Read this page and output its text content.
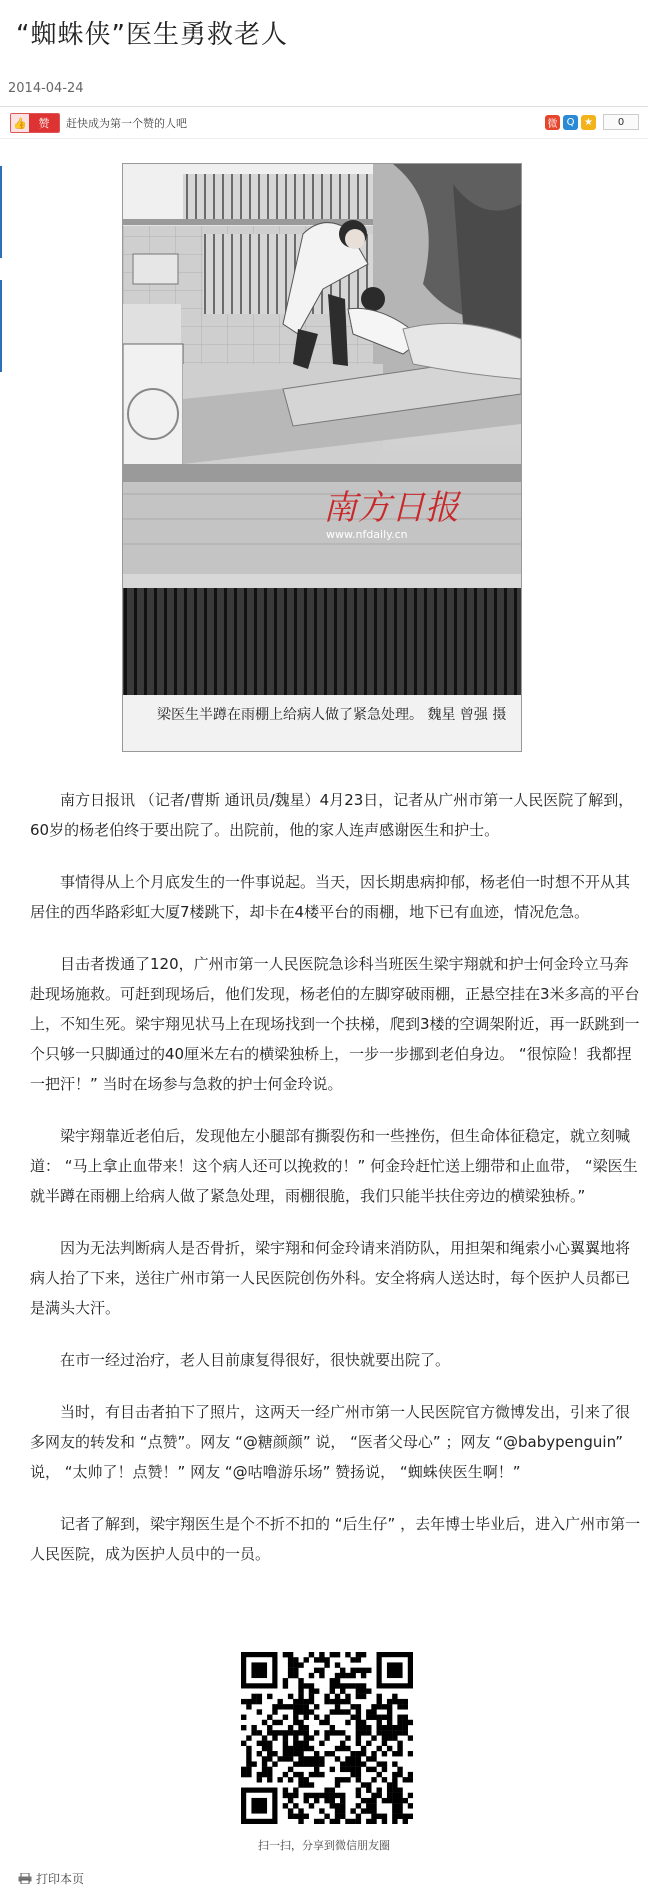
“蜘蛛侠”医生勇救老人
2014-04-24
👍	赞	赶快成为第一个赞的人吧	微 Q ★	0
南方日报
www.nfdaily.cn
梁医生半蹲在雨棚上给病人做了紧急处理。 魏星 曾强 摄

南方日报讯 （记者/曹斯 通讯员/魏星）4月23日，记者从广州市第一人民医院了解到，60岁的杨老伯终于要出院了。出院前，他的家人连声感谢医生和护士。

事情得从上个月底发生的一件事说起。当天，因长期患病抑郁，杨老伯一时想不开从其居住的西华路彩虹大厦7楼跳下，却卡在4楼平台的雨棚，地下已有血迹，情况危急。

目击者拨通了120，广州市第一人民医院急诊科当班医生梁宇翔就和护士何金玲立马奔赴现场施救。可赶到现场后，他们发现，杨老伯的左脚穿破雨棚，正悬空挂在3米多高的平台上，不知生死。梁宇翔见状马上在现场找到一个扶梯，爬到3楼的空调架附近，再一跃跳到一个只够一只脚通过的40厘米左右的横梁独桥上，一步一步挪到老伯身边。 “很惊险！我都捏一把汗！” 当时在场参与急救的护士何金玲说。

梁宇翔靠近老伯后，发现他左小腿部有撕裂伤和一些挫伤，但生命体征稳定，就立刻喊道： “马上拿止血带来！这个病人还可以挽救的！” 何金玲赶忙送上绷带和止血带， “梁医生就半蹲在雨棚上给病人做了紧急处理，雨棚很脆，我们只能半扶住旁边的横梁独桥。”

因为无法判断病人是否骨折，梁宇翔和何金玲请来消防队，用担架和绳索小心翼翼地将病人抬了下来，送往广州市第一人民医院创伤外科。安全将病人送达时，每个医护人员都已是满头大汗。

在市一经过治疗，老人目前康复得很好，很快就要出院了。

当时，有目击者拍下了照片，这两天一经广州市第一人民医院官方微博发出，引来了很多网友的转发和 “点赞”。网友 “@糖颜颜” 说， “医者父母心” ；网友 “@babypenguin” 说， “太帅了！点赞！” 网友 “@咕噜游乐场” 赞扬说， “蜘蛛侠医生啊！”

记者了解到，梁宇翔医生是个不折不扣的 “后生仔” ，去年博士毕业后，进入广州市第一人民医院，成为医护人员中的一员。

扫一扫，分享到微信朋友圈
打印本页
